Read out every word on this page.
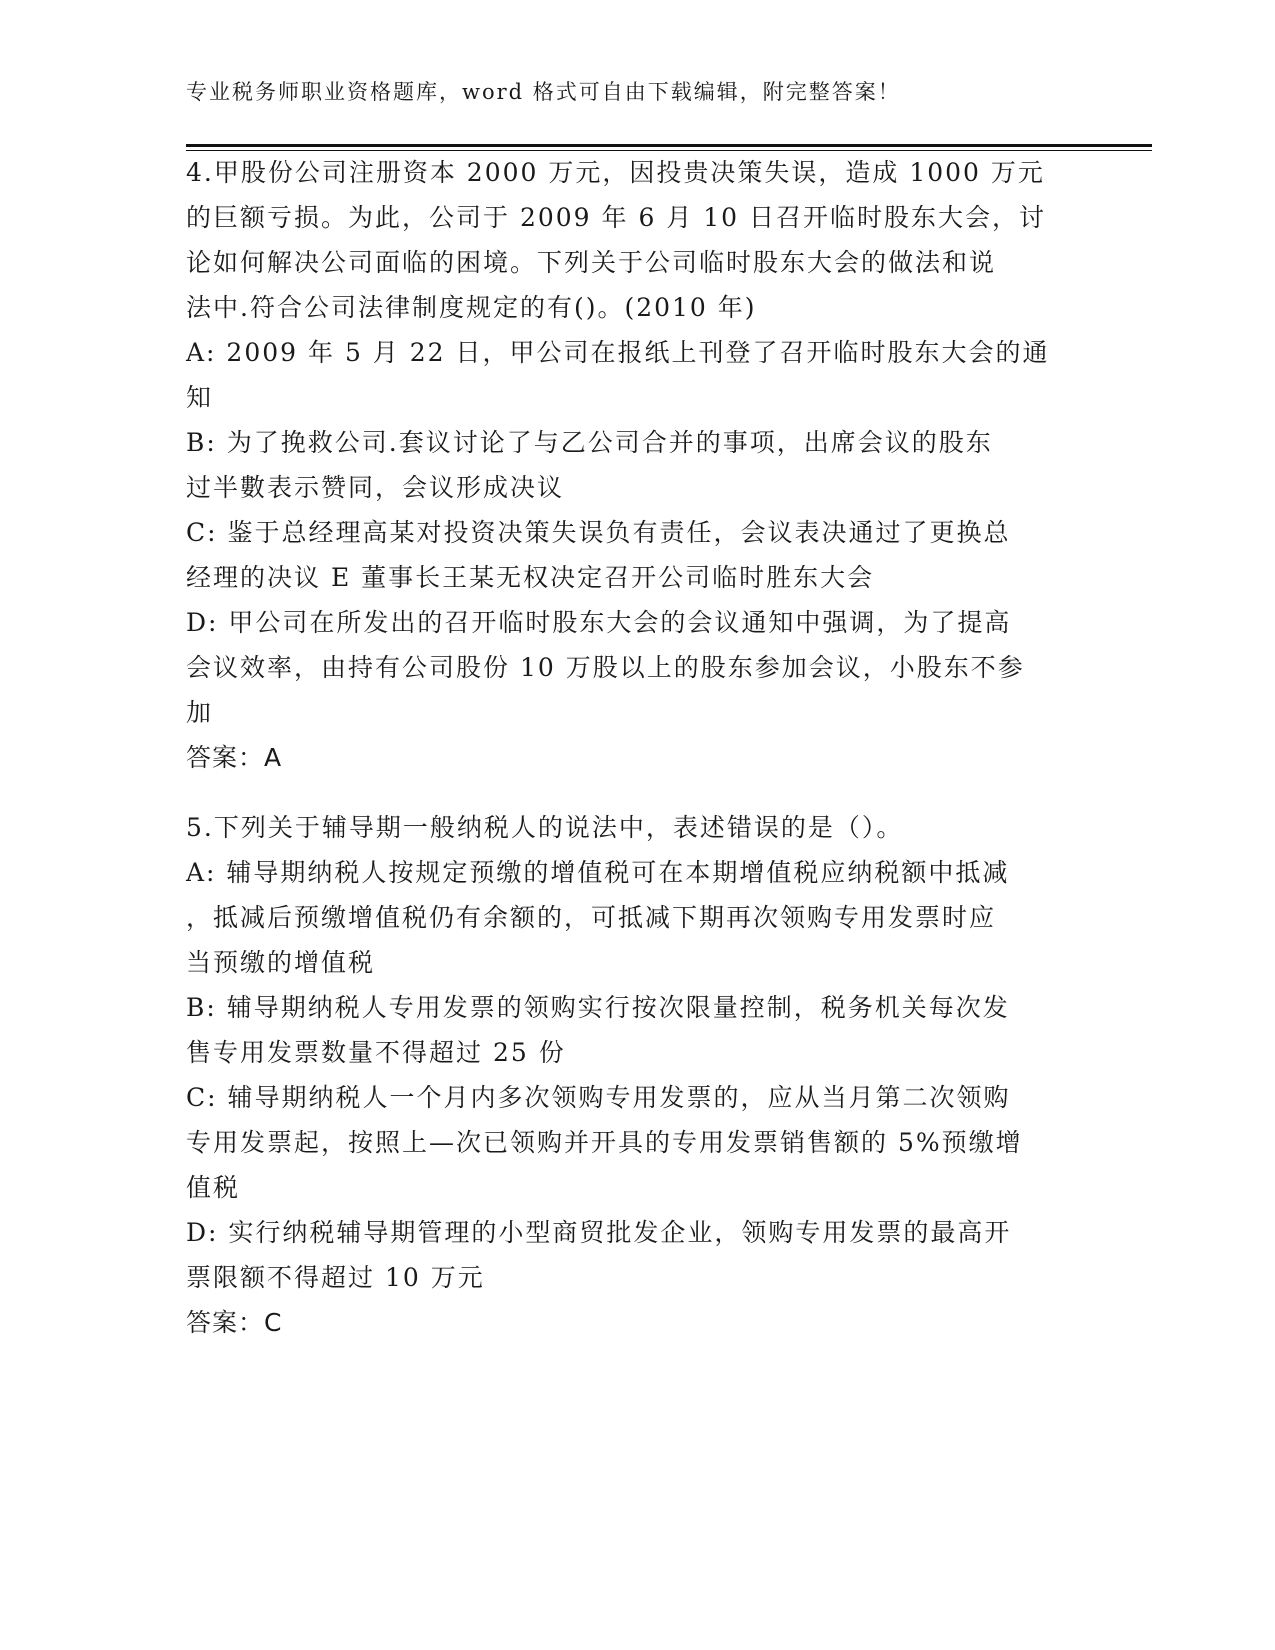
专业税务师职业资格题库，word 格式可自由下载编辑，附完整答案！
4.甲股份公司注册资本 2000 万元，因投贵决策失误，造成 1000 万元
的巨额亏损。为此，公司于 2009 年 6 月 10 日召开临时股东大会，讨
论如何解决公司面临的困境。下列关于公司临时股东大会的做法和说
法中.符合公司法律制度规定的有()。(2010 年)
A: 2009 年 5 月 22 日，甲公司在报纸上刊登了召开临时股东大会的通
知
B: 为了挽救公司.套议讨论了与乙公司合并的事项，出席会议的股东
过半數表示赞同，会议形成决议
C: 鉴于总经理高某对投资决策失误负有责任，会议表决通过了更换总
经理的决议 E 董事长王某无权决定召开公司临时胜东大会
D: 甲公司在所发出的召开临时股东大会的会议通知中强调，为了提高
会议效率，由持有公司股份 10 万股以上的股东参加会议，小股东不参
加
答案：A
5.下列关于辅导期一般纳税人的说法中，表述错误的是（）。
A: 辅导期纳税人按规定预缴的增值税可在本期增值税应纳税额中抵减
，抵减后预缴增值税仍有余额的，可抵减下期再次领购专用发票时应
当预缴的增值税
B: 辅导期纳税人专用发票的领购实行按次限量控制，税务机关每次发
售专用发票数量不得超过 25 份
C: 辅导期纳税人一个月内多次领购专用发票的，应从当月第二次领购
专用发票起，按照上—次已领购并开具的专用发票销售额的 5%预缴增
值税
D: 实行纳税辅导期管理的小型商贸批发企业，领购专用发票的最高开
票限额不得超过 10 万元
答案：C
